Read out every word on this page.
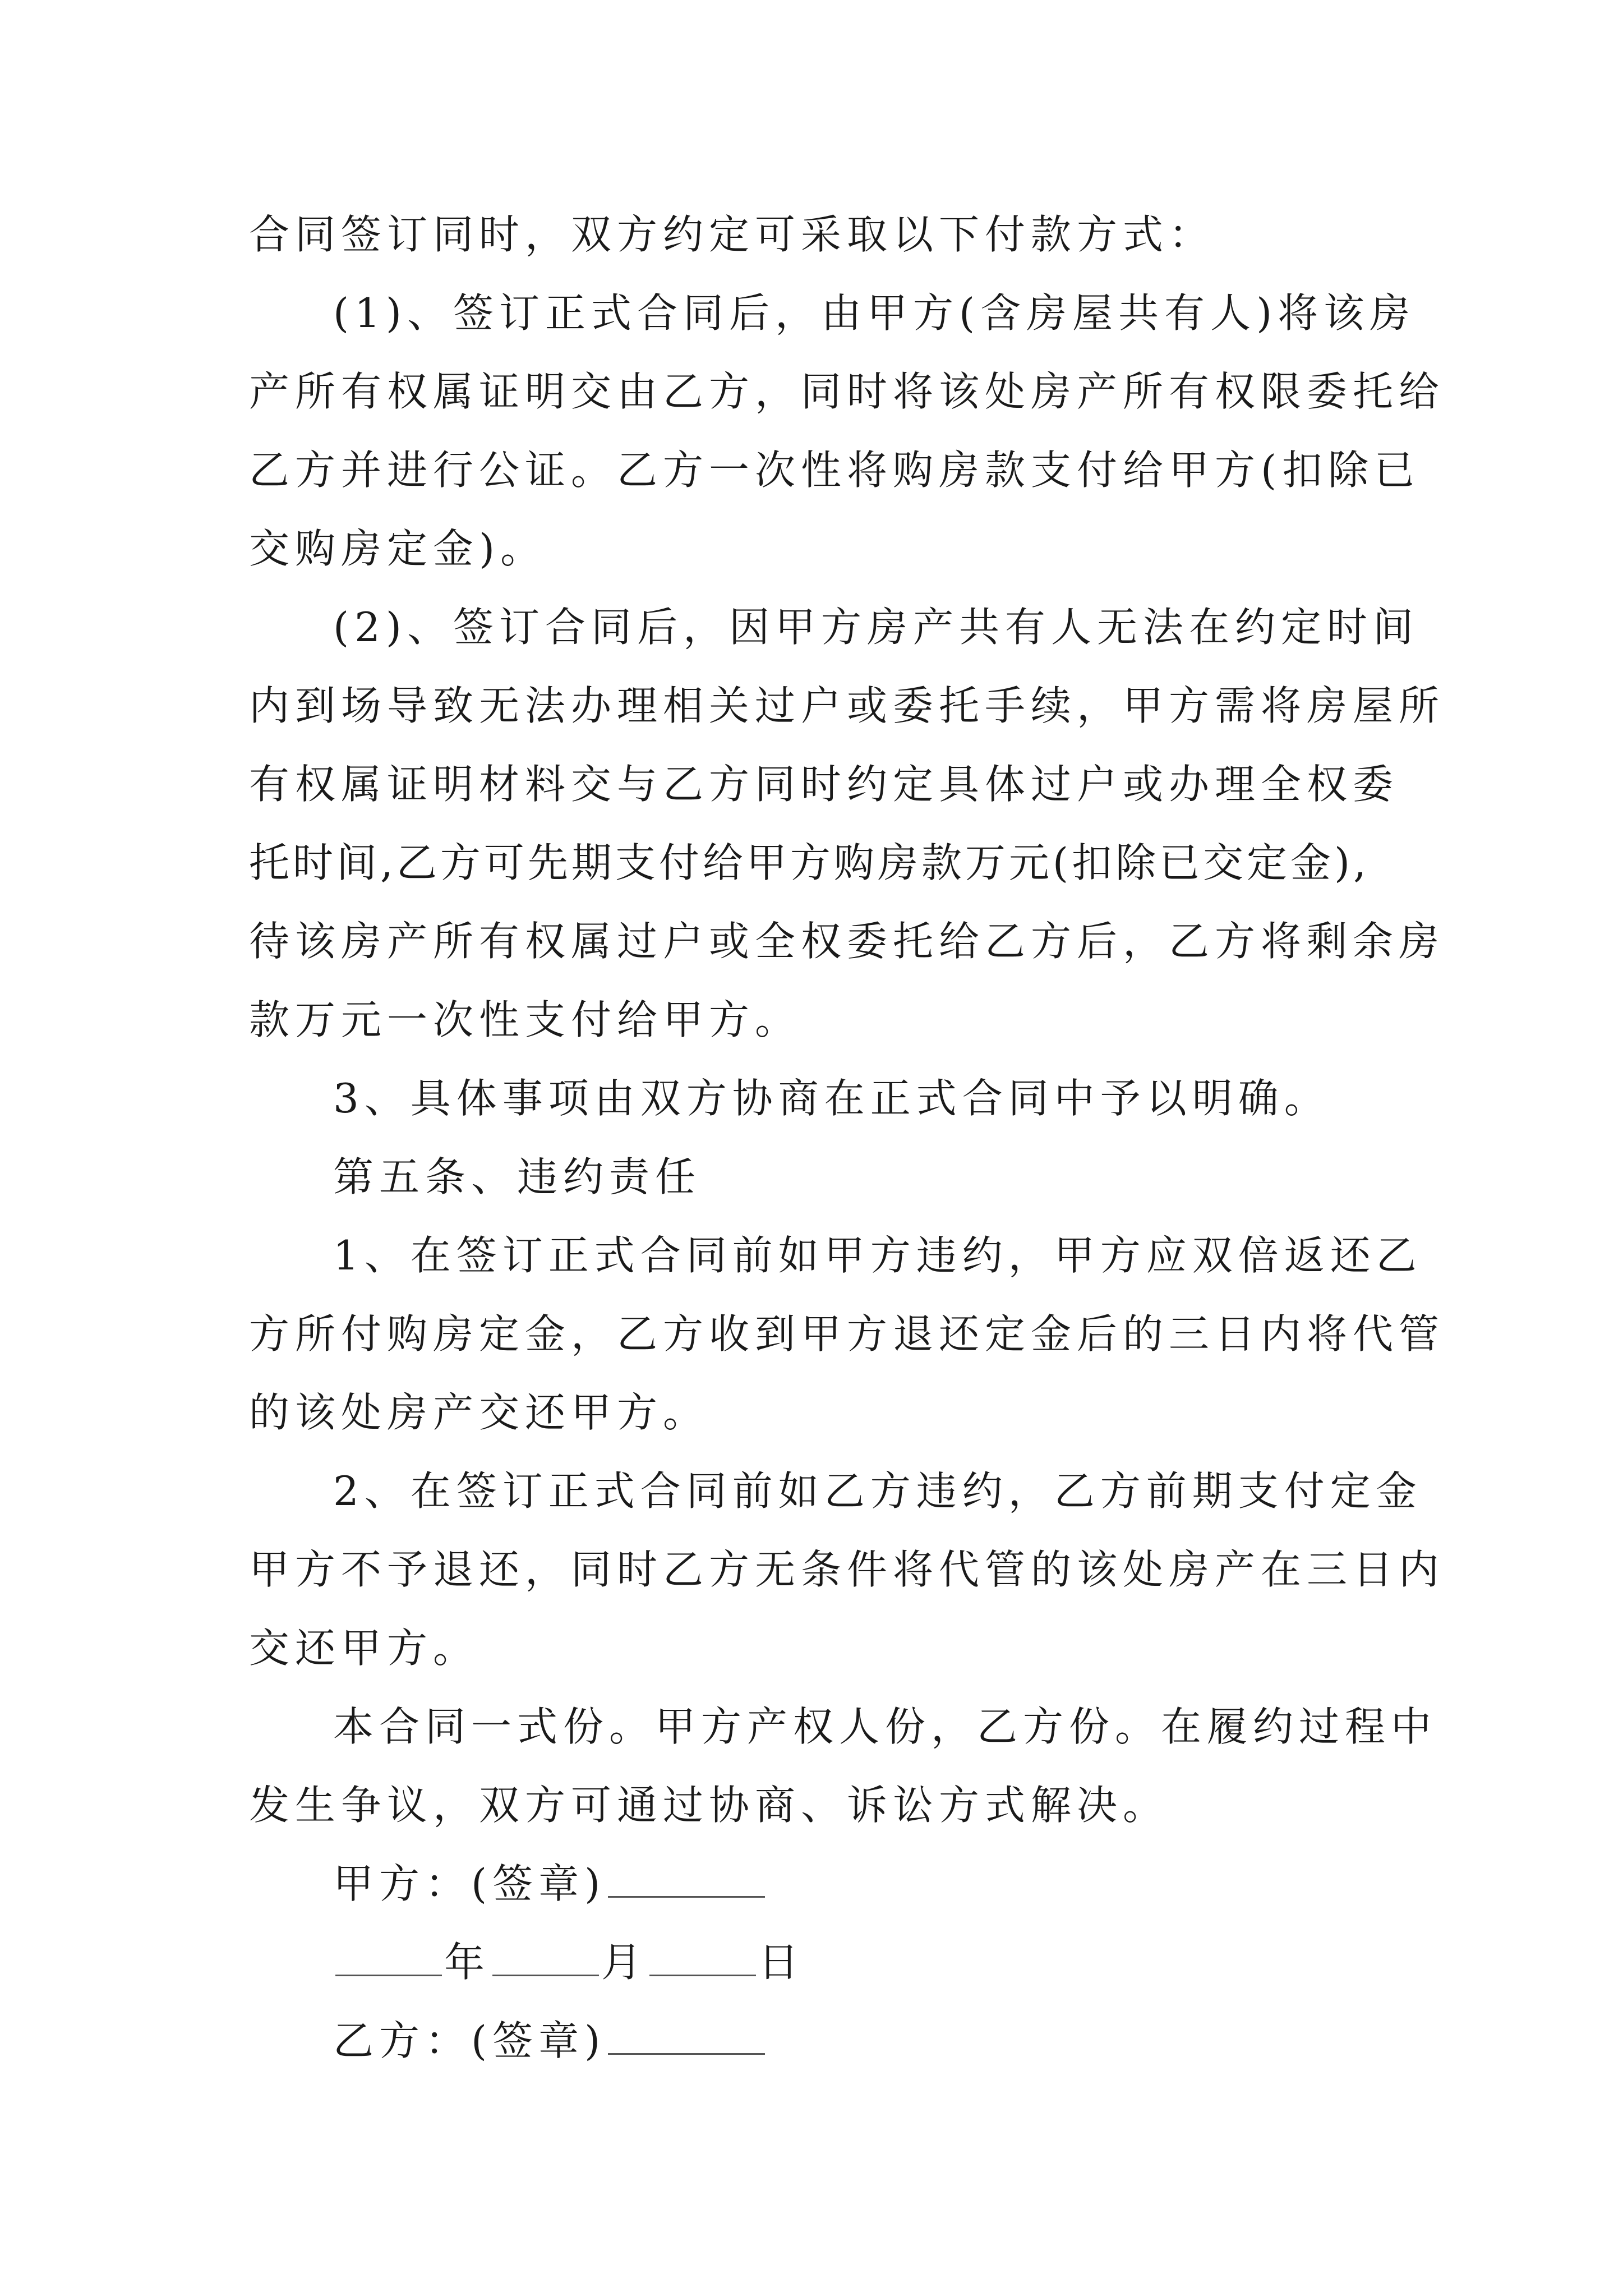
合同签订同时，双方约定可采取以下付款方式：
(1)、签订正式合同后，由甲方(含房屋共有人)将该房
产所有权属证明交由乙方，同时将该处房产所有权限委托给
乙方并进行公证。乙方一次性将购房款支付给甲方(扣除已
交购房定金)。
(2)、签订合同后，因甲方房产共有人无法在约定时间
内到场导致无法办理相关过户或委托手续，甲方需将房屋所
有权属证明材料交与乙方同时约定具体过户或办理全权委
托时间,乙方可先期支付给甲方购房款万元(扣除已交定金),
待该房产所有权属过户或全权委托给乙方后，乙方将剩余房
款万元一次性支付给甲方。
3、具体事项由双方协商在正式合同中予以明确。
第五条、违约责任
1、在签订正式合同前如甲方违约，甲方应双倍返还乙
方所付购房定金，乙方收到甲方退还定金后的三日内将代管
的该处房产交还甲方。
2、在签订正式合同前如乙方违约，乙方前期支付定金
甲方不予退还，同时乙方无条件将代管的该处房产在三日内
交还甲方。
本合同一式份。甲方产权人份，乙方份。在履约过程中
发生争议，双方可通过协商、诉讼方式解决。
甲方：(签章)
年	月	日
乙方：(签章)
